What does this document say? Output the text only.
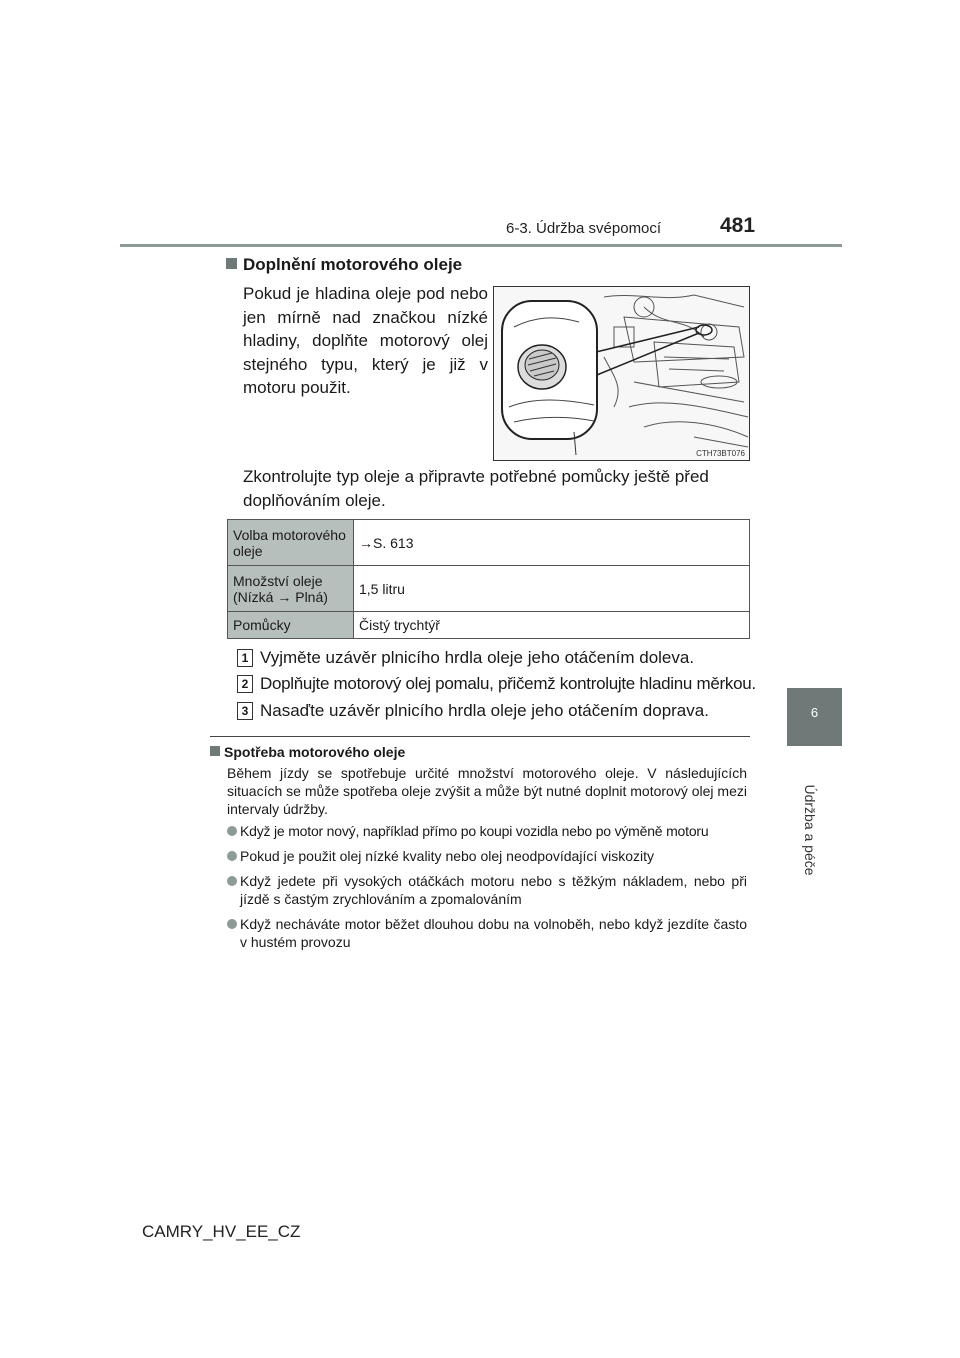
6-3. Údržba svépomocí	481
6
Údržba a péče
Doplnění motorového oleje
Pokud je hladina oleje pod nebo jen mírně nad značkou nízké hladiny, doplňte motorový olej stejného typu, který je již v motoru použit.
CTH73BT076
Zkontrolujte typ oleje a připravte potřebné pomůcky ještě před doplňováním oleje.
Volba motorového oleje	→S. 613
Množství oleje (Nízká → Plná)	1,5 litru
Pomůcky	Čistý trychtýř
1 Vyjměte uzávěr plnicího hrdla oleje jeho otáčením doleva.
2 Doplňujte motorový olej pomalu, přičemž kontrolujte hladinu měrkou.
3 Nasaďte uzávěr plnicího hrdla oleje jeho otáčením doprava.
Spotřeba motorového oleje
Během jízdy se spotřebuje určité množství motorového oleje. V následujících situacích se může spotřeba oleje zvýšit a může být nutné doplnit motorový olej mezi intervaly údržby.
Když je motor nový, například přímo po koupi vozidla nebo po výměně motoru
Pokud je použit olej nízké kvality nebo olej neodpovídající viskozity
Když jedete při vysokých otáčkách motoru nebo s těžkým nákladem, nebo při jízdě s častým zrychlováním a zpomalováním
Když necháváte motor běžet dlouhou dobu na volnoběh, nebo když jezdíte často v hustém provozu
CAMRY_HV_EE_CZ
